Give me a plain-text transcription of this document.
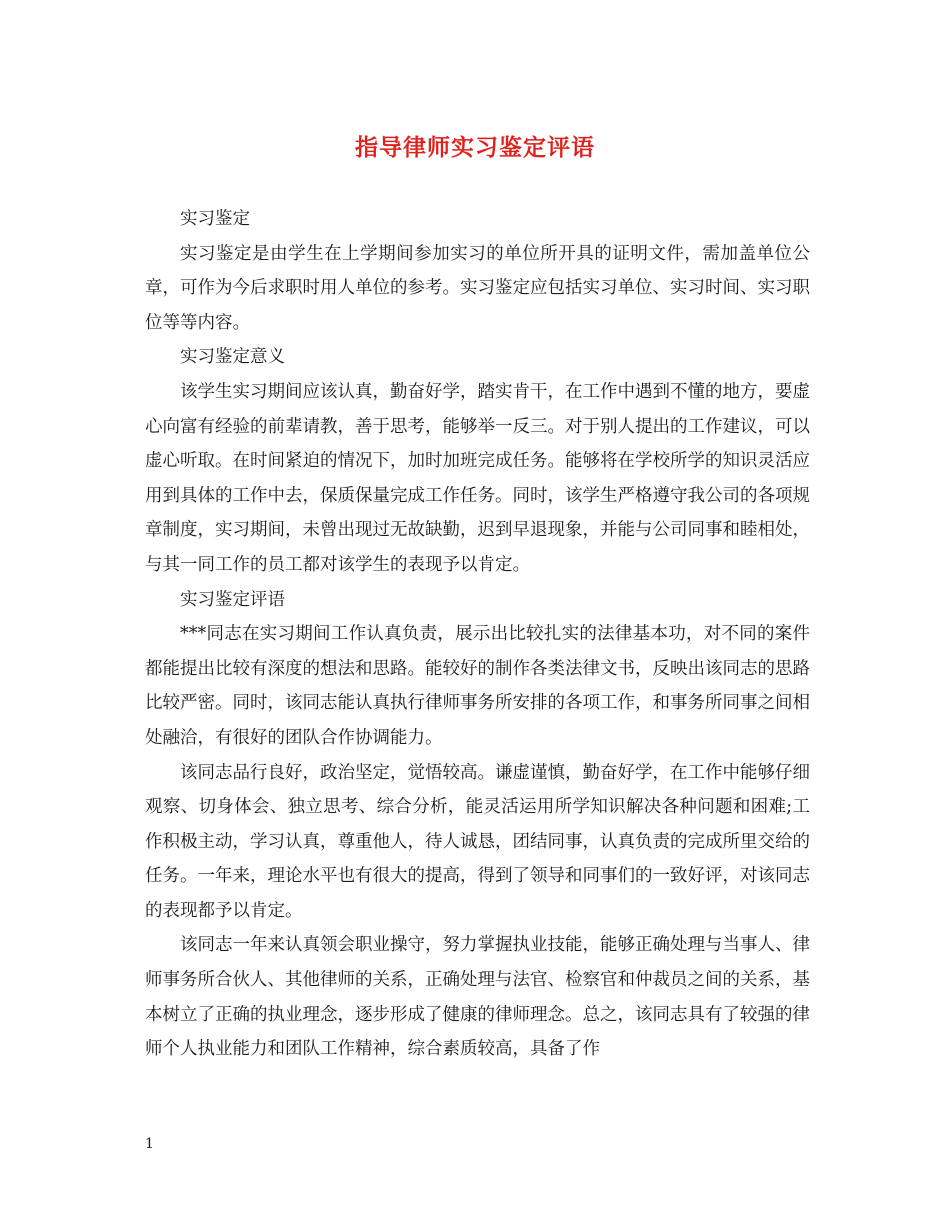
指导律师实习鉴定评语

实习鉴定

实习鉴定是由学生在上学期间参加实习的单位所开具的证明文件，需加盖单位公章，可作为今后求职时用人单位的参考。实习鉴定应包括实习单位、实习时间、实习职位等等内容。

实习鉴定意义

该学生实习期间应该认真，勤奋好学，踏实肯干，在工作中遇到不懂的地方，要虚心向富有经验的前辈请教，善于思考，能够举一反三。对于别人提出的工作建议，可以虚心听取。在时间紧迫的情况下，加时加班完成任务。能够将在学校所学的知识灵活应用到具体的工作中去，保质保量完成工作任务。同时，该学生严格遵守我公司的各项规章制度，实习期间，未曾出现过无故缺勤，迟到早退现象，并能与公司同事和睦相处，与其一同工作的员工都对该学生的表现予以肯定。

实习鉴定评语

***同志在实习期间工作认真负责，展示出比较扎实的法律基本功，对不同的案件都能提出比较有深度的想法和思路。能较好的制作各类法律文书，反映出该同志的思路比较严密。同时，该同志能认真执行律师事务所安排的各项工作，和事务所同事之间相处融洽，有很好的团队合作协调能力。

该同志品行良好，政治坚定，觉悟较高。谦虚谨慎，勤奋好学，在工作中能够仔细观察、切身体会、独立思考、综合分析，能灵活运用所学知识解决各种问题和困难;工作积极主动，学习认真，尊重他人，待人诚恳，团结同事，认真负责的完成所里交给的任务。一年来，理论水平也有很大的提高，得到了领导和同事们的一致好评，对该同志的表现都予以肯定。

该同志一年来认真领会职业操守，努力掌握执业技能，能够正确处理与当事人、律师事务所合伙人、其他律师的关系，正确处理与法官、检察官和仲裁员之间的关系，基本树立了正确的执业理念，逐步形成了健康的律师理念。总之，该同志具有了较强的律师个人执业能力和团队工作精神，综合素质较高，具备了作

1
